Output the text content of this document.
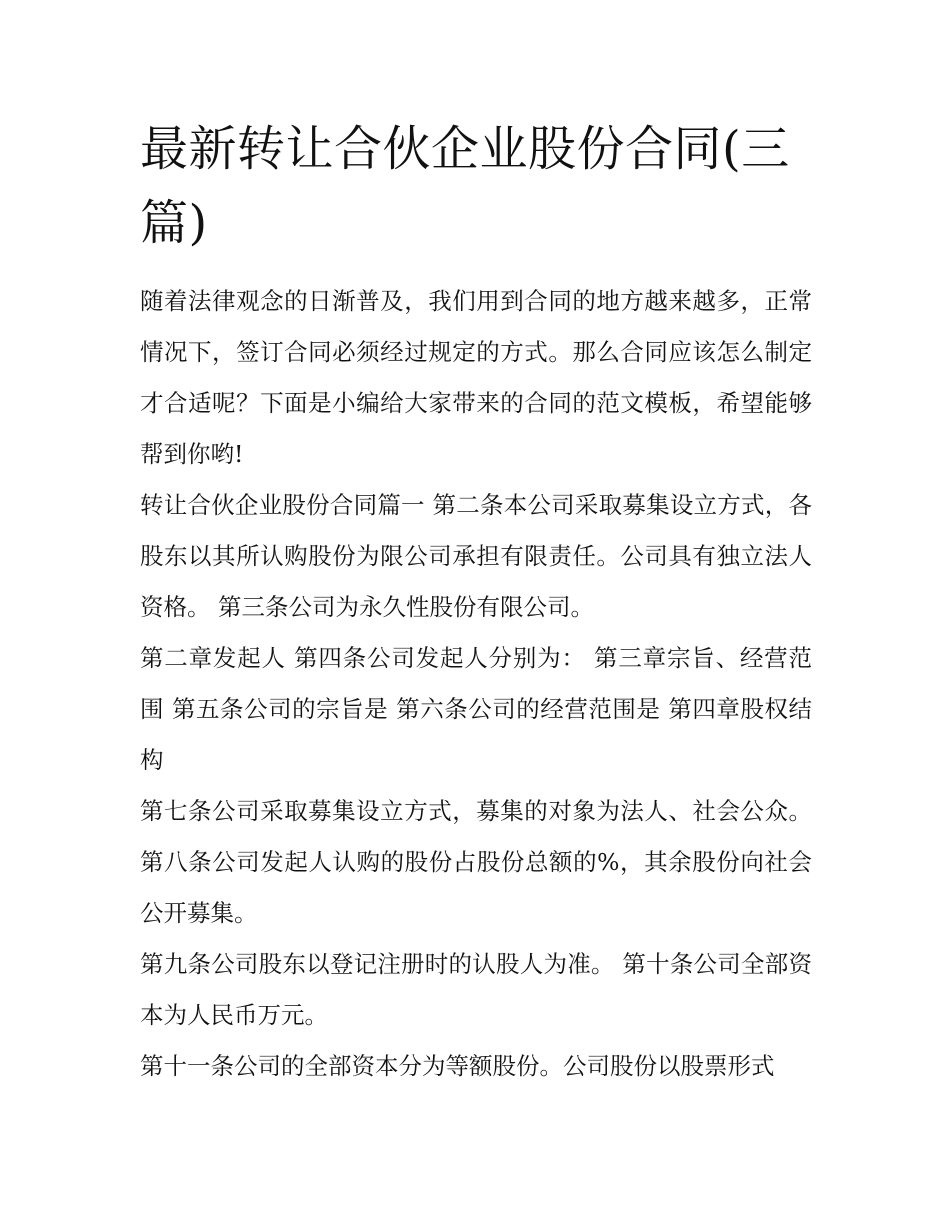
最新转让合伙企业股份合同(三篇)

随着法律观念的日渐普及，我们用到合同的地方越来越多，正常情况下，签订合同必须经过规定的方式。那么合同应该怎么制定才合适呢？下面是小编给大家带来的合同的范文模板，希望能够帮到你哟!

转让合伙企业股份合同篇一 第二条本公司采取募集设立方式，各股东以其所认购股份为限公司承担有限责任。公司具有独立法人资格。 第三条公司为永久性股份有限公司。

第二章发起人 第四条公司发起人分别为： 第三章宗旨、经营范围 第五条公司的宗旨是 第六条公司的经营范围是 第四章股权结构

第七条公司采取募集设立方式，募集的对象为法人、社会公众。 第八条公司发起人认购的股份占股份总额的%，其余股份向社会公开募集。

第九条公司股东以登记注册时的认股人为准。 第十条公司全部资本为人民币万元。

第十一条公司的全部资本分为等额股份。公司股份以股票形式
